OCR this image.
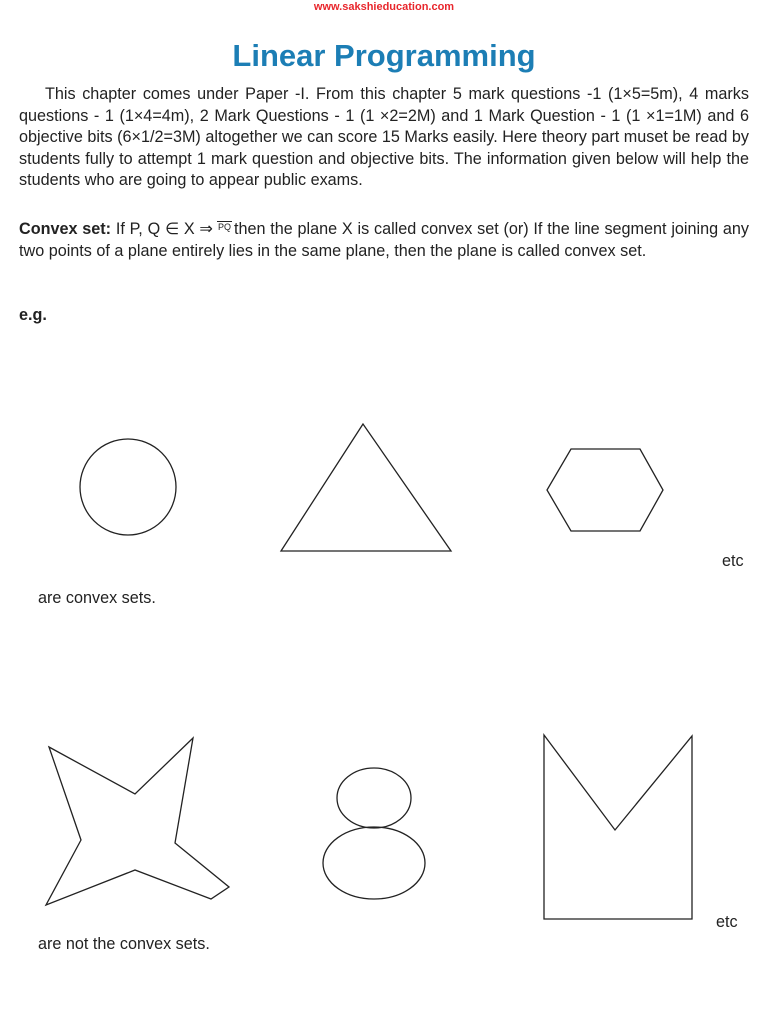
www.sakshieducation.com
Linear Programming

This chapter comes under Paper -I. From this chapter 5 mark questions -1 (1×5=5m), 4 marks questions - 1 (1×4=4m), 2 Mark Questions - 1 (1 ×2=2M) and 1 Mark Question - 1 (1 ×1=1M) and 6 objective bits (6×1/2=3M) altogether we can score 15 Marks easily. Here theory part muset be read by students fully to attempt 1 mark question and objective bits. The information given below will help the students who are going to appear public exams.

Convex set: If P, Q ∈ X ⇒ PQ then the plane X is called convex set (or) If the line segment joining any two points of a plane entirely lies in the same plane, then the plane is called convex set.

e.g.

etc

are convex sets.

etc

are not the convex sets.
